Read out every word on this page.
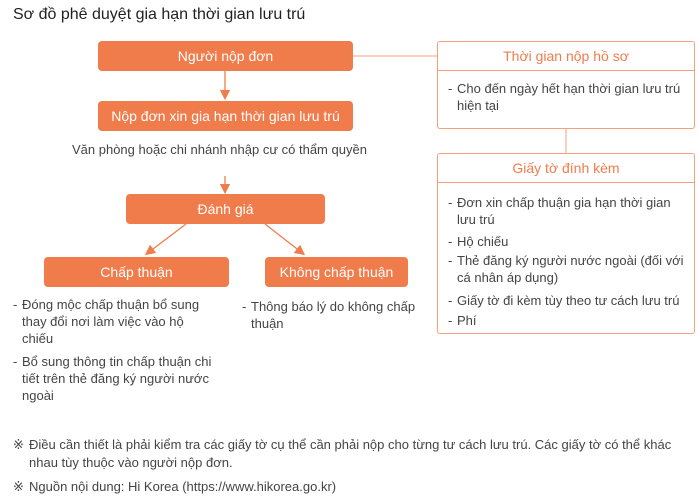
Sơ đồ phê duyệt gia hạn thời gian lưu trú
Người nộp đơn
Nộp đơn xin gia hạn thời gian lưu trú
Văn phòng hoặc chi nhánh nhập cư có thẩm quyền
Đánh giá
Chấp thuận	Không chấp thuận
- Đóng mộc chấp thuận bổ sung thay đổi nơi làm việc vào hộ chiếu
- Bổ sung thông tin chấp thuận chi tiết trên thẻ đăng ký người nước ngoài
- Thông báo lý do không chấp thuận
Thời gian nộp hồ sơ
- Cho đến ngày hết hạn thời gian lưu trú hiện tại
Giấy tờ đính kèm
- Đơn xin chấp thuận gia hạn thời gian lưu trú
- Hộ chiếu
- Thẻ đăng ký người nước ngoài (đối với cá nhân áp dụng)
- Giấy tờ đi kèm tùy theo tư cách lưu trú
- Phí
※ Điều cần thiết là phải kiểm tra các giấy tờ cụ thể cần phải nộp cho từng tư cách lưu trú. Các giấy tờ có thể khác nhau tùy thuộc vào người nộp đơn.
※ Nguồn nội dung: Hi Korea (https://www.hikorea.go.kr)
